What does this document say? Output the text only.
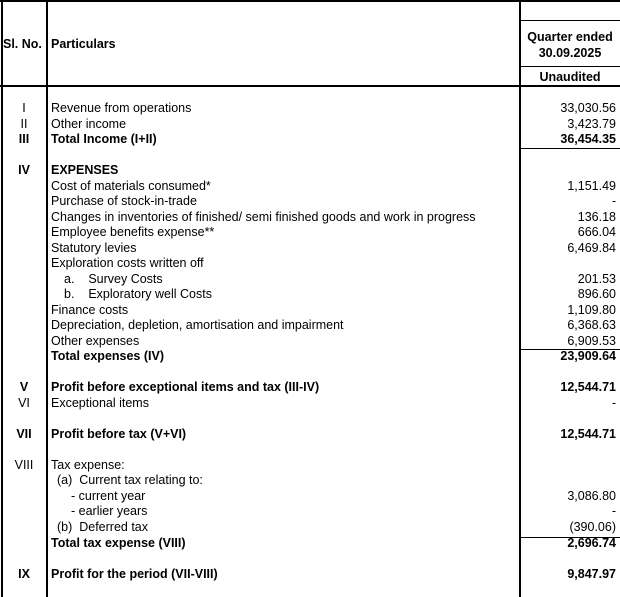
Sl. No. Particulars	Quarter ended
30.09.2025
Unaudited
I	Revenue from operations	33,030.56
II	Other income	3,423.79
III	Total Income (I+II)	36,454.35
IV	EXPENSES
Cost of materials consumed*	1,151.49
Purchase of stock-in-trade	-
Changes in inventories of finished/ semi finished goods and work in progress	136.18
Employee benefits expense**	666.04
Statutory levies	6,469.84
Exploration costs written off
a.    Survey Costs	201.53
b.    Exploratory well Costs	896.60
Finance costs	1,109.80
Depreciation, depletion, amortisation and impairment	6,368.63
Other expenses	6,909.53
Total expenses (IV)	23,909.64
V	Profit before exceptional items and tax (III-IV)	12,544.71
VI	Exceptional items	-
VII	Profit before tax (V+VI)	12,544.71
VIII	Tax expense:
(a)  Current tax relating to:
- current year	3,086.80
- earlier years	-
(b)  Deferred tax	(390.06)
Total tax expense (VIII)	2,696.74
IX	Profit for the period (VII-VIII)	9,847.97
